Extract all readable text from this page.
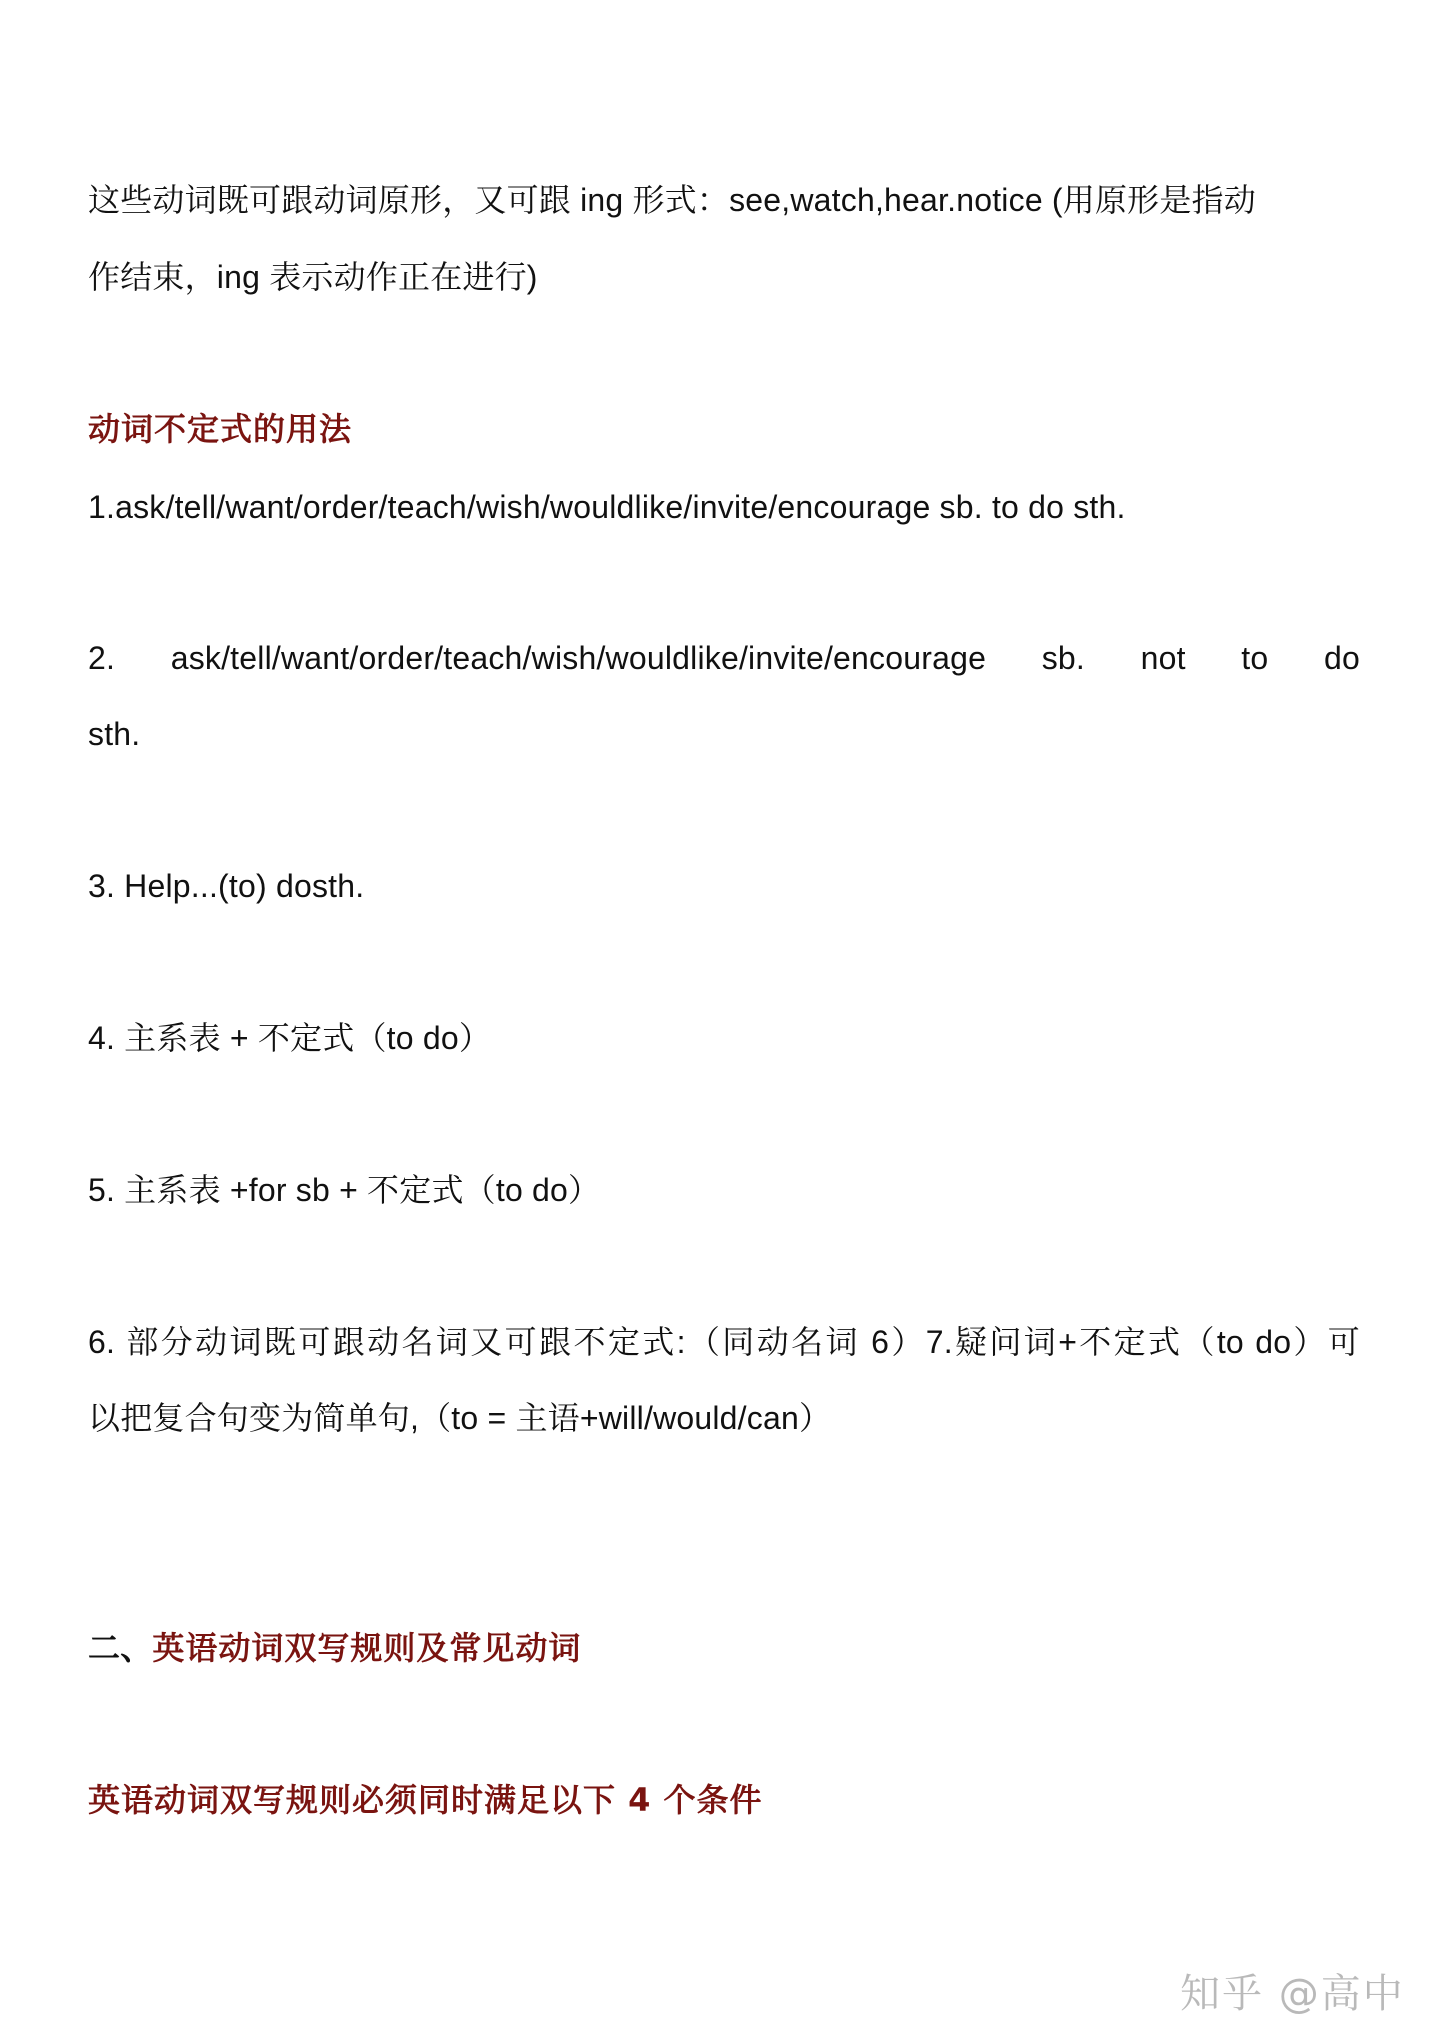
这些动词既可跟动词原形，又可跟 ing 形式：see,watch,hear.notice (用原形是指动
作结束，ing 表示动作正在进行)
动词不定式的用法
1.ask/tell/want/order/teach/wish/wouldlike/invite/encourage sb. to do sth.
2. ask/tell/want/order/teach/wish/wouldlike/invite/encourage sb. not to do
sth.
3. Help...(to) dosth.
4. 主系表 + 不定式（to do）
5. 主系表 +for sb + 不定式（to do）
6. 部分动词既可跟动名词又可跟不定式:（同动名词 6）7.疑问词+不定式（to do）可
以把复合句变为简单句,（to = 主语+will/would/can）
二、英语动词双写规则及常见动词
英语动词双写规则必须同时满足以下 4 个条件
知乎 @高中
